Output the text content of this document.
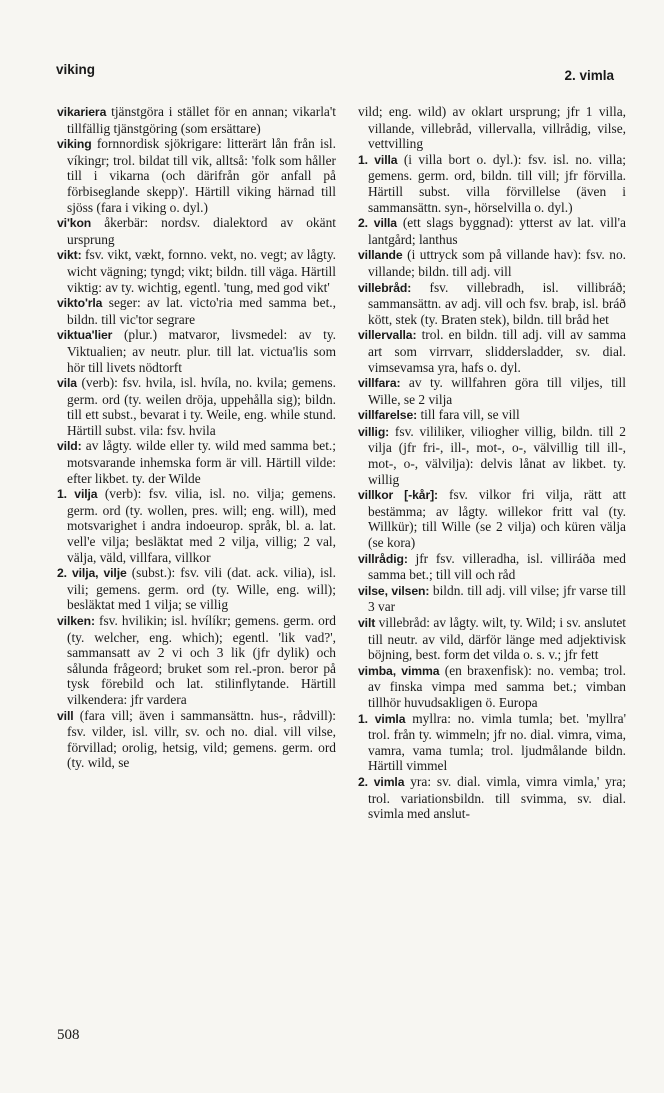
viking	2. vimla

vikariera tjänstgöra i stället för en annan; vikarla't tillfällig tjänstgöring (som ersättare)

viking fornnordisk sjökrigare: litterärt lån från isl. víkingr; trol. bildat till vik, alltså: 'folk som håller till i vikarna (och därifrån gör anfall på förbiseglande skepp)'. Härtill viking härnad till sjöss (fara i viking o. dyl.)

vi'kon åkerbär: nordsv. dialektord av okänt ursprung

vikt: fsv. vikt, vækt, fornno. vekt, no. vegt; av lågty. wicht vägning; tyngd; vikt; bildn. till väga. Härtill viktig: av ty. wichtig, egentl. 'tung, med god vikt'

vikto'rla seger: av lat. victo'ria med samma bet., bildn. till vic'tor segrare

viktua'lier (plur.) matvaror, livsmedel: av ty. Viktualien; av neutr. plur. till lat. victua'lis som hör till livets nödtorft

vila (verb): fsv. hvila, isl. hvíla, no. kvila; gemens. germ. ord (ty. weilen dröja, uppehålla sig); bildn. till ett subst., bevarat i ty. Weile, eng. while stund. Härtill subst. vila: fsv. hvila

vild: av lågty. wilde eller ty. wild med samma bet.; motsvarande inhemska form är vill. Härtill vilde: efter likbet. ty. der Wilde

1. vilja (verb): fsv. vilia, isl. no. vilja; gemens. germ. ord (ty. wollen, pres. will; eng. will), med motsvarighet i andra indoeurop. språk, bl. a. lat. vell'e vilja; besläktat med 2 vilja, villig; 2 val, välja, väld, villfara, villkor

2. vilja, vilje (subst.): fsv. vili (dat. ack. vilia), isl. vili; gemens. germ. ord (ty. Wille, eng. will); besläktat med 1 vilja; se villig

vilken: fsv. hvilikin; isl. hvílíkr; gemens. germ. ord (ty. welcher, eng. which); egentl. 'lik vad?', sammansatt av 2 vi och 3 lik (jfr dylik) och sålunda frågeord; bruket som rel.-pron. beror på tysk förebild och lat. stilinflytande. Härtill vilkendera: jfr vardera

vill (fara vill; även i sammansättn. hus-, rådvill): fsv. vilder, isl. villr, sv. och no. dial. vill vilse, förvillad; orolig, hetsig, vild; gemens. germ. ord (ty. wild, se

vild; eng. wild) av oklart ursprung; jfr 1 villa, villande, villebråd, villervalla, villrådig, vilse, vettvilling

1. villa (i villa bort o. dyl.): fsv. isl. no. villa; gemens. germ. ord, bildn. till vill; jfr förvilla. Härtill subst. villa förvillelse (även i sammansättn. syn-, hörselvilla o. dyl.)

2. villa (ett slags byggnad): ytterst av lat. vill'a lantgård; lanthus

villande (i uttryck som på villande hav): fsv. no. villande; bildn. till adj. vill

villebråd: fsv. villebradh, isl. villibráð; sammansättn. av adj. vill och fsv. braþ, isl. bráð kött, stek (ty. Braten stek), bildn. till bråd het

villervalla: trol. en bildn. till adj. vill av samma art som virrvarr, sliddersladder, sv. dial. vimsevamsa yra, hafs o. dyl.

villfara: av ty. willfahren göra till viljes, till Wille, se 2 vilja

villfarelse: till fara vill, se vill

villig: fsv. vililiker, viliogher villig, bildn. till 2 vilja (jfr fri-, ill-, mot-, o-, välvillig till ill-, mot-, o-, välvilja): delvis lånat av likbet. ty. willig

villkor [-kår]: fsv. vilkor fri vilja, rätt att bestämma; av lågty. willekor fritt val (ty. Willkür); till Wille (se 2 vilja) och küren välja (se kora)

villrådig: jfr fsv. villeradha, isl. villiráða med samma bet.; till vill och råd

vilse, vilsen: bildn. till adj. vill vilse; jfr varse till 3 var

vilt villebråd: av lågty. wilt, ty. Wild; i sv. anslutet till neutr. av vild, därför länge med adjektivisk böjning, best. form det vilda o. s. v.; jfr fett

vimba, vimma (en braxenfisk): no. vemba; trol. av finska vimpa med samma bet.; vimban tillhör huvudsakligen ö. Europa

1. vimla myllra: no. vimla tumla; bet. 'myllra' trol. från ty. wimmeln; jfr no. dial. vimra, vima, vamra, vama tumla; trol. ljudmålande bildn. Härtill vimmel

2. vimla yra: sv. dial. vimla, vimra vimla,' yra; trol. variationsbildn. till svimma, sv. dial. svimla med anslut-

508
